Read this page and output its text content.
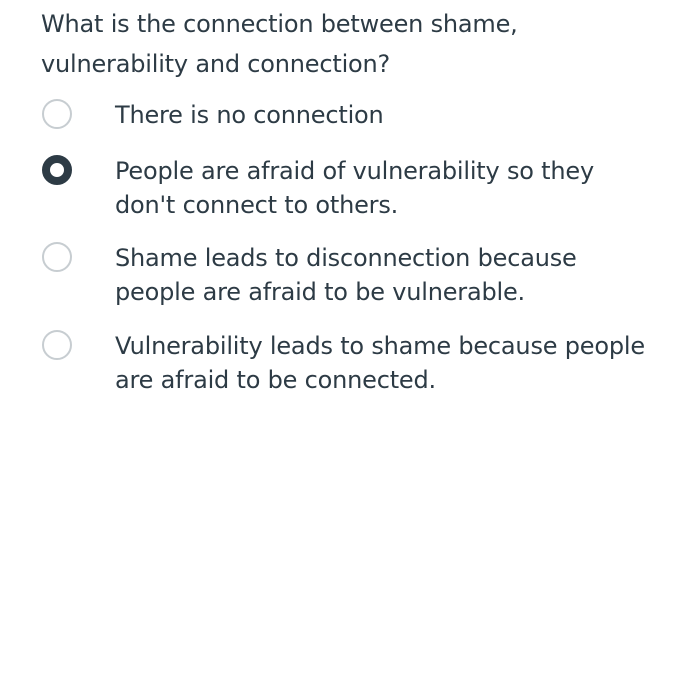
What is the connection between shame, vulnerability and connection?
There is no connection
People are afraid of vulnerability so they don't connect to others.
Shame leads to disconnection because people are afraid to be vulnerable.
Vulnerability leads to shame because people are afraid to be connected.
